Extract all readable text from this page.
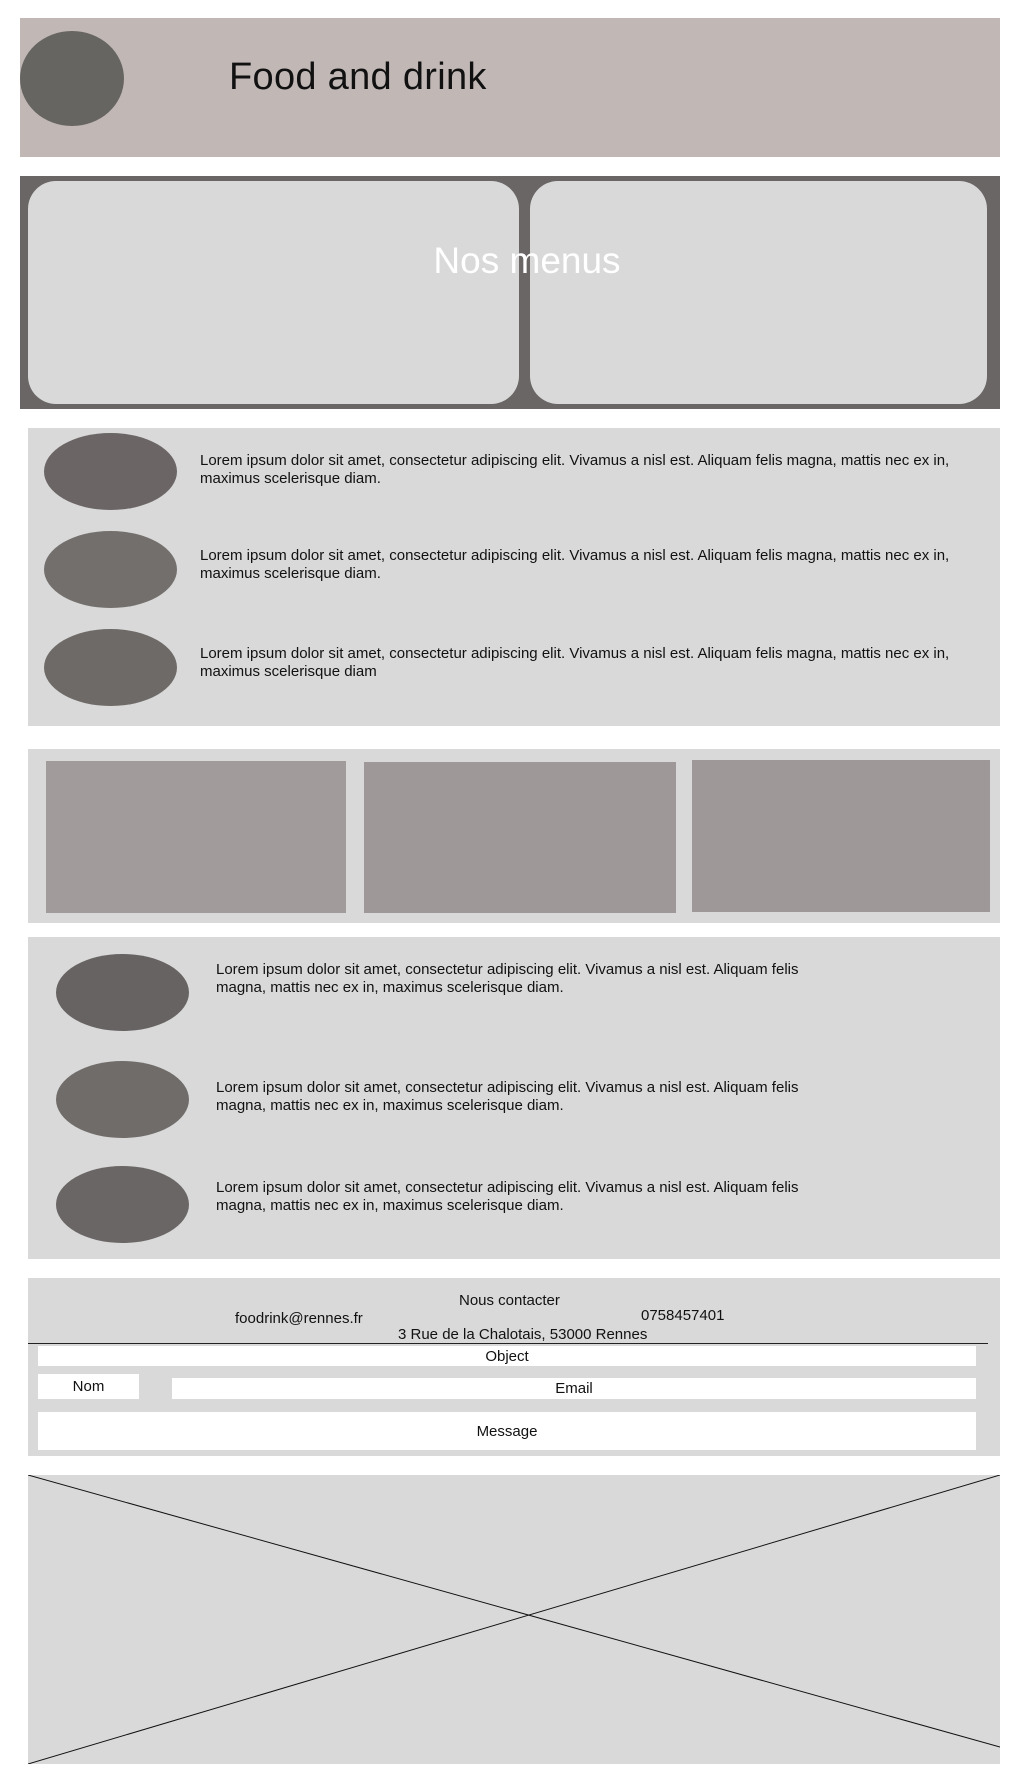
Food and drink
Nos menus
Lorem ipsum dolor sit amet, consectetur adipiscing elit. Vivamus a nisl est. Aliquam felis magna, mattis nec ex in, maximus scelerisque diam.
Lorem ipsum dolor sit amet, consectetur adipiscing elit. Vivamus a nisl est. Aliquam felis magna, mattis nec ex in, maximus scelerisque diam.
Lorem ipsum dolor sit amet, consectetur adipiscing elit. Vivamus a nisl est. Aliquam felis magna, mattis nec ex in, maximus scelerisque diam
Lorem ipsum dolor sit amet, consectetur adipiscing elit. Vivamus a nisl est. Aliquam felis magna, mattis nec ex in, maximus scelerisque diam.
Lorem ipsum dolor sit amet, consectetur adipiscing elit. Vivamus a nisl est. Aliquam felis magna, mattis nec ex in, maximus scelerisque diam.
Lorem ipsum dolor sit amet, consectetur adipiscing elit. Vivamus a nisl est. Aliquam felis magna, mattis nec ex in, maximus scelerisque diam.
Nous contacter
foodrink@rennes.fr	0758457401
3 Rue de la Chalotais, 53000 Rennes
Object
Nom	Email
Message
